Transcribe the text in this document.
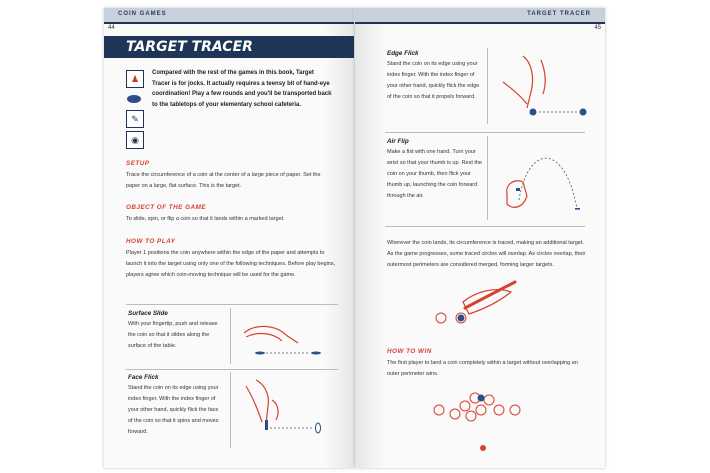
COIN GAMES
44
TARGET TRACER
♟
✎
◉
Compared with the rest of the games in this book, Target Tracer is for jocks. It actually requires a teensy bit of hand-eye coordination! Play a few rounds and you'll be transported back to the tabletops of your elementary school cafeteria.
SETUP
Trace the circumference of a coin at the center of a large piece of paper. Set the paper on a large, flat surface. This is the target.
OBJECT OF THE GAME
To slide, spin, or flip a coin so that it lands within a marked target.
HOW TO PLAY
Player 1 positions the coin anywhere within the edge of the paper and attempts to launch it into the target using only one of the following techniques. Before play begins, players agree which coin-moving technique will be used for the game.
Surface Slide
With your fingertip, push and release the coin so that it slides along the surface of the table.
Face Flick
Stand the coin on its edge using your index finger. With the index finger of your other hand, quickly flick the face of the coin so that it spins and moves forward.
TARGET TRACER
45
Edge Flick
Stand the coin on its edge using your index finger. With the index finger of your other hand, quickly flick the edge of the coin so that it propels forward.
Air Flip
Make a fist with one hand. Turn your wrist so that your thumb is up. Rest the coin on your thumb, then flick your thumb up, launching the coin forward through the air.
Wherever the coin lands, its circumference is traced, making an additional target. As the game progresses, some traced circles will overlap. As circles overlap, their outermost perimeters are considered merged, forming larger targets.
HOW TO WIN
The first player to land a coin completely within a target without overlapping an outer perimeter wins.
